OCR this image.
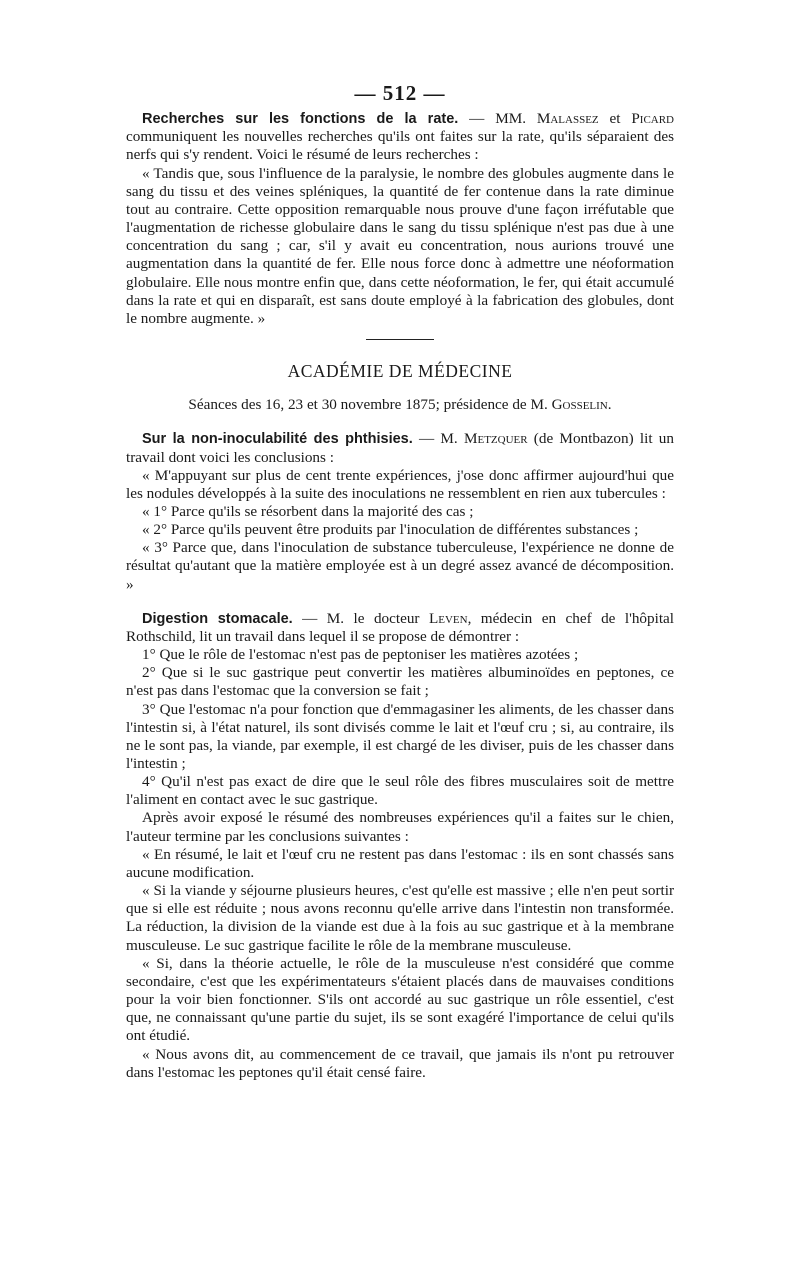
— 512 —

Recherches sur les fonctions de la rate. — MM. Malassez et Picard communiquent les nouvelles recherches qu'ils ont faites sur la rate, qu'ils séparaient des nerfs qui s'y rendent. Voici le résumé de leurs recherches :

« Tandis que, sous l'influence de la paralysie, le nombre des globules augmente dans le sang du tissu et des veines spléniques, la quantité de fer contenue dans la rate diminue tout au contraire. Cette opposition remarquable nous prouve d'une façon irréfutable que l'augmentation de richesse globulaire dans le sang du tissu splénique n'est pas due à une concentration du sang ; car, s'il y avait eu concentration, nous aurions trouvé une augmentation dans la quantité de fer. Elle nous force donc à admettre une néoformation globulaire. Elle nous montre enfin que, dans cette néoformation, le fer, qui était accumulé dans la rate et qui en disparaît, est sans doute employé à la fabrication des globules, dont le nombre augmente. »

ACADÉMIE DE MÉDECINE
Séances des 16, 23 et 30 novembre 1875; présidence de M. Gosselin.

Sur la non-inoculabilité des phthisies. — M. Metzquer (de Montbazon) lit un travail dont voici les conclusions :

« M'appuyant sur plus de cent trente expériences, j'ose donc affirmer aujourd'hui que les nodules développés à la suite des inoculations ne ressemblent en rien aux tubercules :

« 1° Parce qu'ils se résorbent dans la majorité des cas ;

« 2° Parce qu'ils peuvent être produits par l'inoculation de différentes substances ;

« 3° Parce que, dans l'inoculation de substance tuberculeuse, l'expérience ne donne de résultat qu'autant que la matière employée est à un degré assez avancé de décomposition. »

Digestion stomacale. — M. le docteur Leven, médecin en chef de l'hôpital Rothschild, lit un travail dans lequel il se propose de démontrer :

1° Que le rôle de l'estomac n'est pas de peptoniser les matières azotées ;

2° Que si le suc gastrique peut convertir les matières albuminoïdes en peptones, ce n'est pas dans l'estomac que la conversion se fait ;

3° Que l'estomac n'a pour fonction que d'emmagasiner les aliments, de les chasser dans l'intestin si, à l'état naturel, ils sont divisés comme le lait et l'œuf cru ; si, au contraire, ils ne le sont pas, la viande, par exemple, il est chargé de les diviser, puis de les chasser dans l'intestin ;

4° Qu'il n'est pas exact de dire que le seul rôle des fibres musculaires soit de mettre l'aliment en contact avec le suc gastrique.

Après avoir exposé le résumé des nombreuses expériences qu'il a faites sur le chien, l'auteur termine par les conclusions suivantes :

« En résumé, le lait et l'œuf cru ne restent pas dans l'estomac : ils en sont chassés sans aucune modification.

« Si la viande y séjourne plusieurs heures, c'est qu'elle est massive ; elle n'en peut sortir que si elle est réduite ; nous avons reconnu qu'elle arrive dans l'intestin non transformée. La réduction, la division de la viande est due à la fois au suc gastrique et à la membrane musculeuse. Le suc gastrique facilite le rôle de la membrane musculeuse.

« Si, dans la théorie actuelle, le rôle de la musculeuse n'est considéré que comme secondaire, c'est que les expérimentateurs s'étaient placés dans de mauvaises conditions pour la voir bien fonctionner. S'ils ont accordé au suc gastrique un rôle essentiel, c'est que, ne connaissant qu'une partie du sujet, ils se sont exagéré l'importance de celui qu'ils ont étudié.

« Nous avons dit, au commencement de ce travail, que jamais ils n'ont pu retrouver dans l'estomac les peptones qu'il était censé faire.
